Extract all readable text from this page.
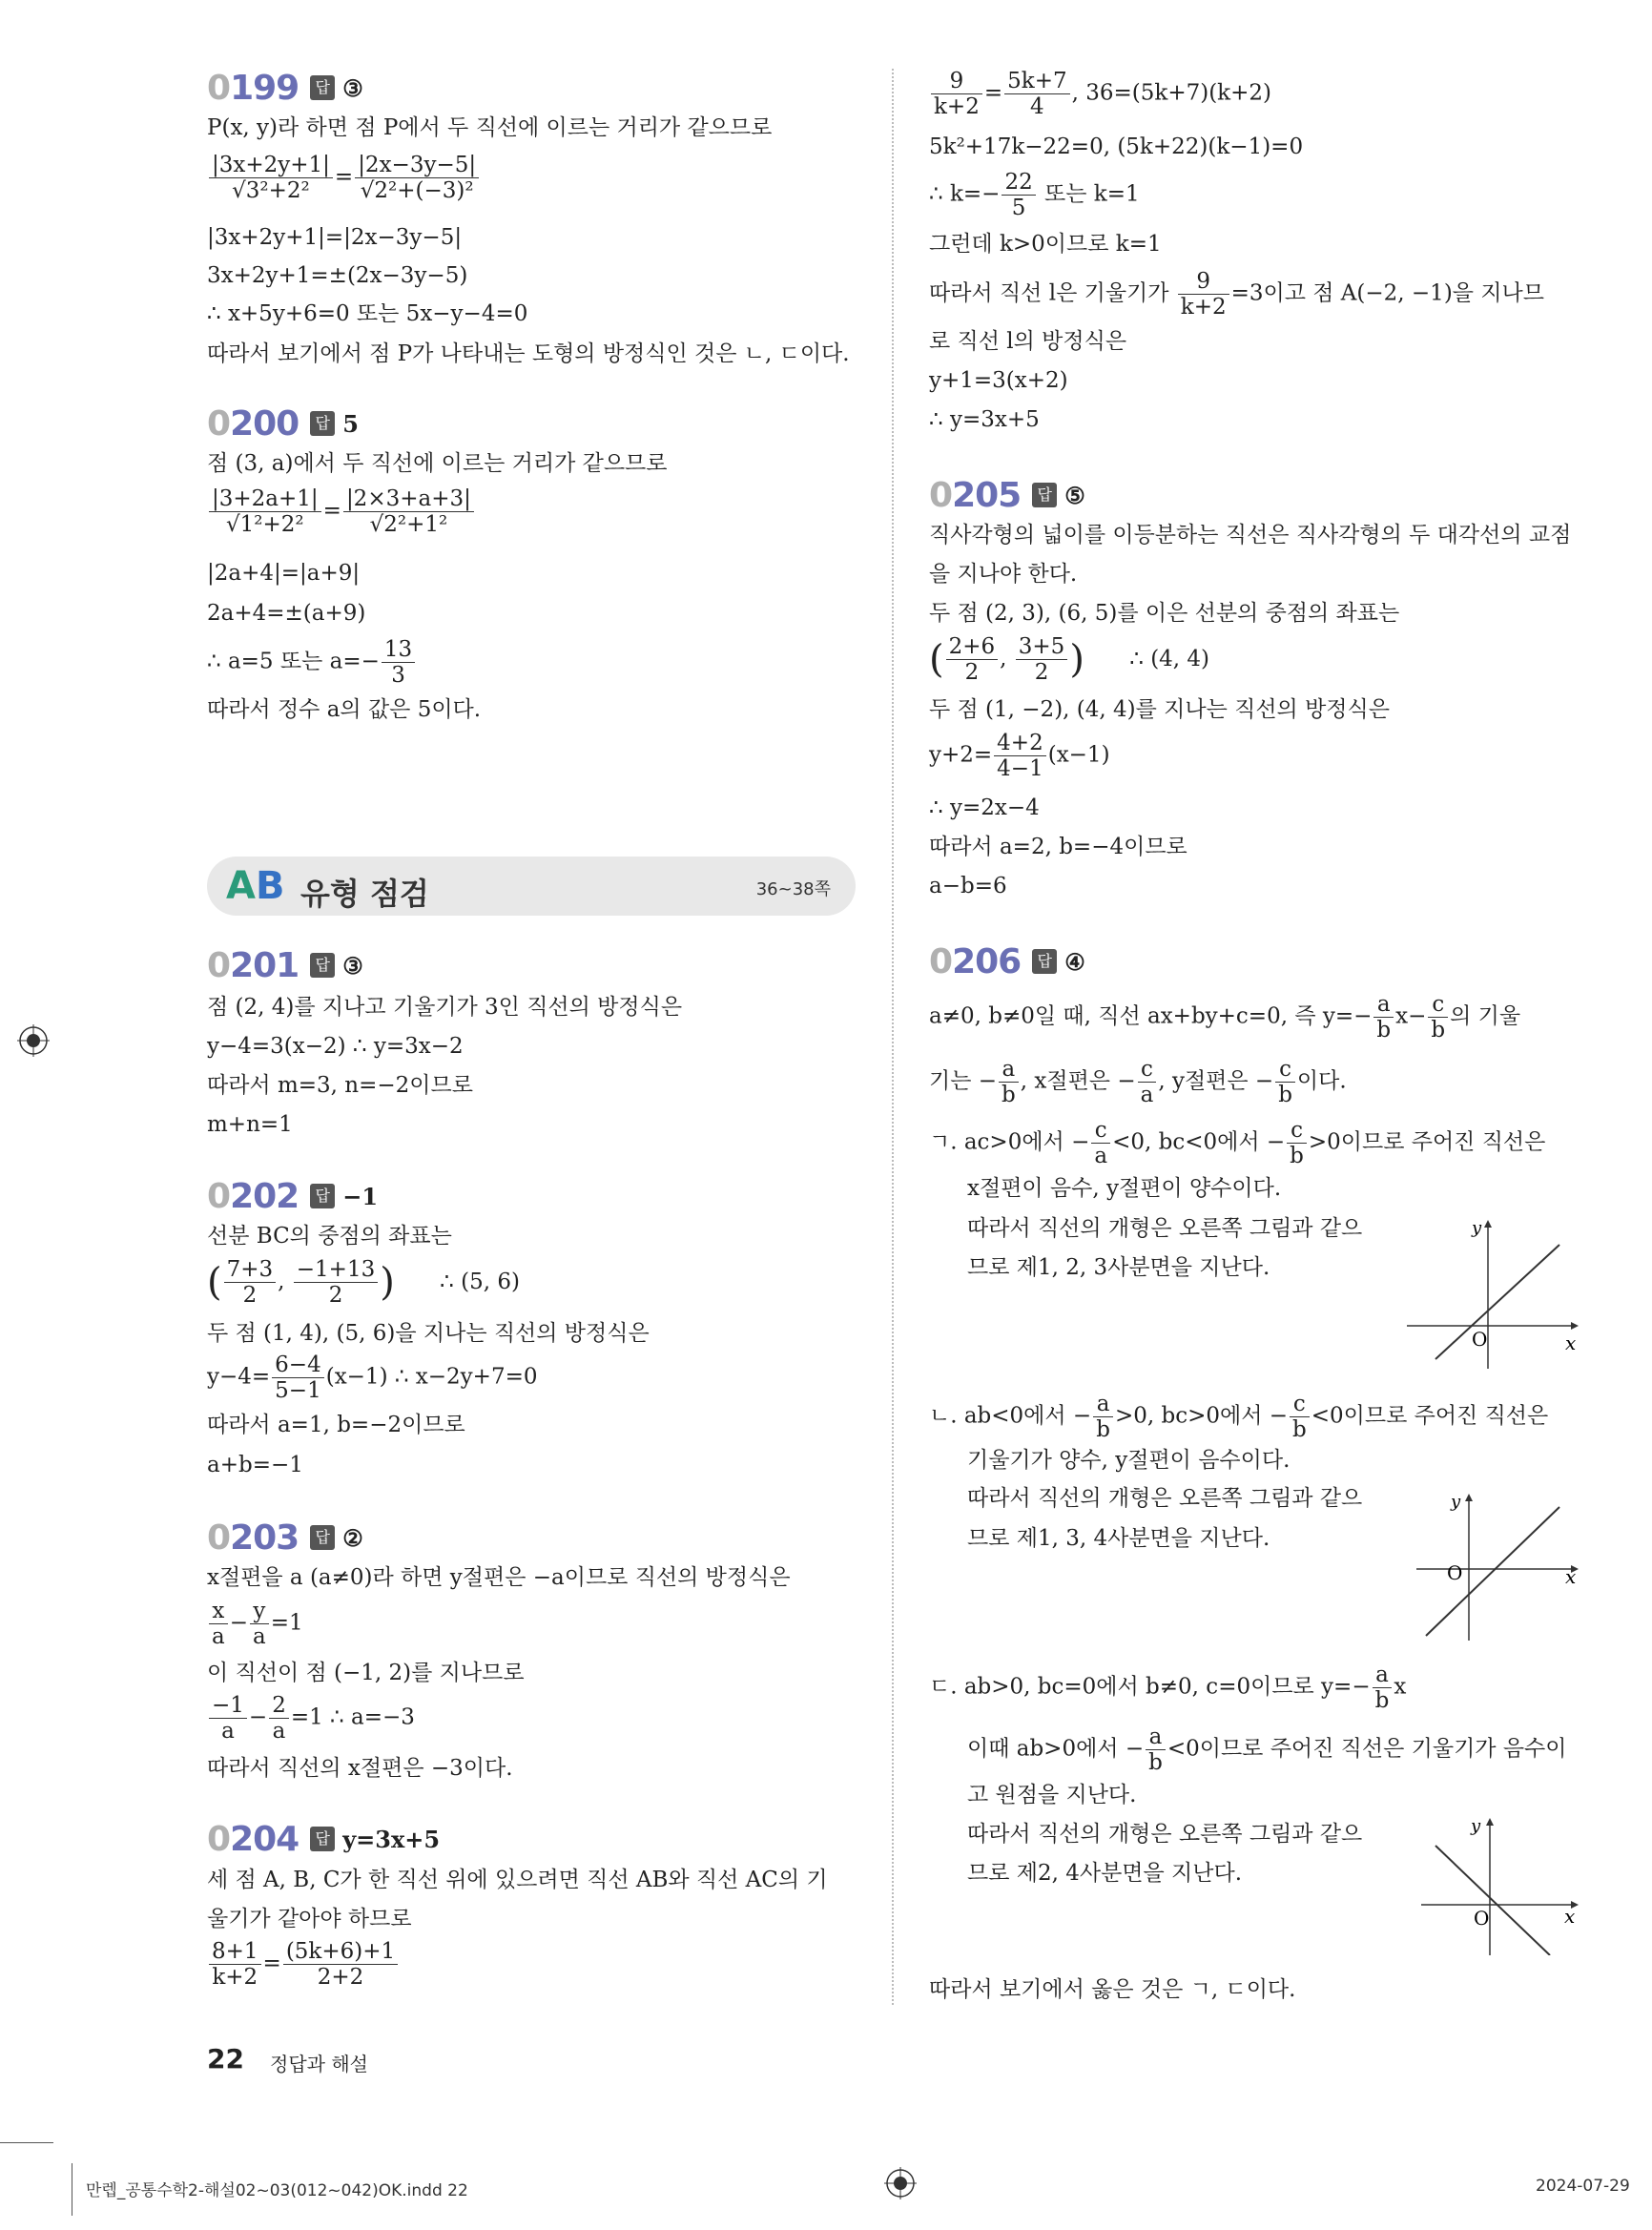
0199	답 ③
P(x, y)라 하면 점 P에서 두 직선에 이르는 거리가 같으므로
$\frac{|3x+2y+1|}{\text{√3²+2²}} = \frac{|2x-3y-5|}{\text{√2²+(−3)²}}$
|3x+2y+1|=|2x−3y−5|
3x+2y+1=±(2x−3y−5)
∴ x+5y+6=0 또는 5x−y−4=0
따라서 보기에서 점 P가 나타내는 도형의 방정식인 것은 ㄴ, ㄷ이다.
0200	답 5
점 (3, a)에서 두 직선에 이르는 거리가 같으므로
$\frac{|3+2a+1|}{\text{√1²+2²}} = \frac{|2\times 3+a+3|}{\text{√2²+1²}}$
|2a+4|=|a+9|
2a+4=±(a+9)
∴ a=5 또는 $a=- \frac{13}{3}$
따라서 정수 a의 값은 5이다.
0201	답 ③
점 (2, 4)를 지나고 기울기가 3인 직선의 방정식은
y−4=3(x−2) ∴ y=3x−2
따라서 m=3, n=−2이므로
m+n=1
0202	답 −1
선분 BC의 중점의 좌표는
( $\frac{7+3}{2}$ , $\frac{-1+13}{2}$ ) ∴ (5, 6)
두 점 (1, 4), (5, 6)을 지나는 직선의 방정식은
$y-4= \frac{6-4}{5-1} (x-1)$ ∴ x−2y+7=0
따라서 a=1, b=−2이므로
a+b=−1
0203	답 ②
x절편을 a (a≠0)라 하면 y절편은 −a이므로 직선의 방정식은
$\frac{x}{a} - \frac{y}{a} =1$
이 직선이 점 (−1, 2)를 지나므로
$\frac{-1}{a} - \frac{2}{a} =1$ ∴ a=−3
따라서 직선의 x절편은 −3이다.
0204	답 y=3x+5
세 점 A, B, C가 한 직선 위에 있으려면 직선 AB와 직선 AC의 기
울기가 같아야 하므로
$\frac{8+1}{k+2} = \frac{(5k+6)+1}{2+2}$
AB 유형 점검	36~38쪽
$\frac{9}{k+2} = \frac{5k+7}{4}$ , 36=(5k+7)(k+2)
5k²+17k−22=0, (5k+22)(k−1)=0
∴ $k=- \frac{22}{5}$ 또는 k=1
그런데 k>0이므로 k=1
따라서 직선 l은 기울기가 $\frac{9}{k+2} =3$이고 점 A(−2, −1)을 지나므
로 직선 l의 방정식은
y+1=3(x+2)
∴ y=3x+5
0205	답 ⑤
직사각형의 넓이를 이등분하는 직선은 직사각형의 두 대각선의 교점
을 지나야 한다.
두 점 (2, 3), (6, 5)를 이은 선분의 중점의 좌표는
( $\frac{2+6}{2}$ , $\frac{3+5}{2}$ ) ∴ (4, 4)
두 점 (1, −2), (4, 4)를 지나는 직선의 방정식은
$y+2= \frac{4+2}{4-1} (x-1)$
∴ y=2x−4
따라서 a=2, b=−4이므로
a−b=6
0206	답 ④
a≠0, b≠0일 때, 직선 ax+by+c=0, 즉 $y=- \frac{a}{b} x- \frac{c}{b}$ 의 기울
기는 − $\frac{a}{b}$ , x절편은 − $\frac{c}{a}$ , y절편은 − $\frac{c}{b}$ 이다.
ㄱ. ac>0에서 − $\frac{c}{a} <0$, bc<0에서 − $\frac{c}{b} >0$이므로 주어진 직선은
x절편이 음수, y절편이 양수이다.
따라서 직선의 개형은 오른쪽 그림과 같으
므로 제1, 2, 3사분면을 지난다.
ㄴ. ab<0에서 − $\frac{a}{b} >0$, bc>0에서 − $\frac{c}{b} <0$이므로 주어진 직선은
기울기가 양수, y절편이 음수이다.
따라서 직선의 개형은 오른쪽 그림과 같으
므로 제1, 3, 4사분면을 지난다.
ㄷ. ab>0, bc=0에서 b≠0, c=0이므로 $y=- \frac{a}{b}$ x
이때 ab>0에서 − $\frac{a}{b} <0$이므로 주어진 직선은 기울기가 음수이
고 원점을 지난다.
따라서 직선의 개형은 오른쪽 그림과 같으
므로 제2, 4사분면을 지난다.
따라서 보기에서 옳은 것은 ㄱ, ㄷ이다.
O	x
y
O	x
y
O	x
y
22 정답과 해설
만렙_공통수학2-해설02~03(012~042)OK.indd 22	2024-07-29
